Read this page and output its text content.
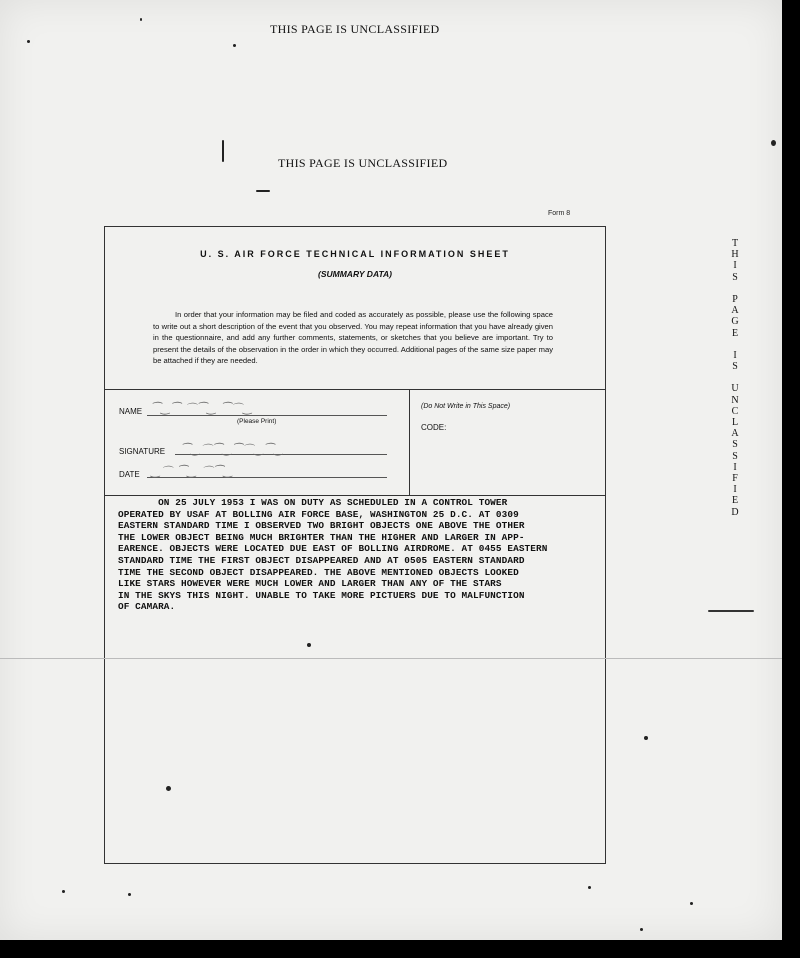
THIS PAGE IS UNCLASSIFIED
THIS PAGE IS UNCLASSIFIED
T
H
I
S
P
A
G
E
I
S
U
N
C
L
A
S
S
I
F
I
E
D
Form 8
U. S. AIR FORCE TECHNICAL INFORMATION SHEET
(SUMMARY DATA)
In order that your information may be filed and coded as accurately as possible, please use the following space to write out a short description of the event that you observed. You may repeat information that you have already given in the questionnaire, and add any further comments, statements, or sketches that you believe are important. Try to present the details of the observation in the order in which they occurred. Additional pages of the same size paper may be attached if they are needed.
NAME
(Please Print)
SIGNATURE
DATE
⁀‿⁀ ⌒⁀‿ ⁀⌒‿
⁀‿⌒⁀‿⁀⌒‿⁀‿
‿⌒ ⁀‿ ⌒⁀‿
(Do Not Write in This Space)
CODE:
ON 25 JULY 1953 I WAS ON DUTY AS SCHEDULED IN A CONTROL TOWER
OPERATED BY USAF AT BOLLING AIR FORCE BASE, WASHINGTON 25 D.C. AT 0309
EASTERN STANDARD TIME I OBSERVED TWO BRIGHT OBJECTS ONE ABOVE THE OTHER
THE LOWER OBJECT BEING MUCH BRIGHTER THAN THE HIGHER AND LARGER IN APP-
EARENCE. OBJECTS WERE LOCATED DUE EAST OF BOLLING AIRDROME. AT 0455 EASTERN
STANDARD TIME THE FIRST OBJECT DISAPPEARED AND AT 0505 EASTERN STANDARD
TIME THE SECOND OBJECT DISAPPEARED. THE ABOVE MENTIONED OBJECTS LOOKED
LIKE STARS HOWEVER WERE MUCH LOWER AND LARGER THAN ANY OF THE STARS
IN THE SKYS THIS NIGHT. UNABLE TO TAKE MORE PICTUERS DUE TO MALFUNCTION
OF CAMARA.
